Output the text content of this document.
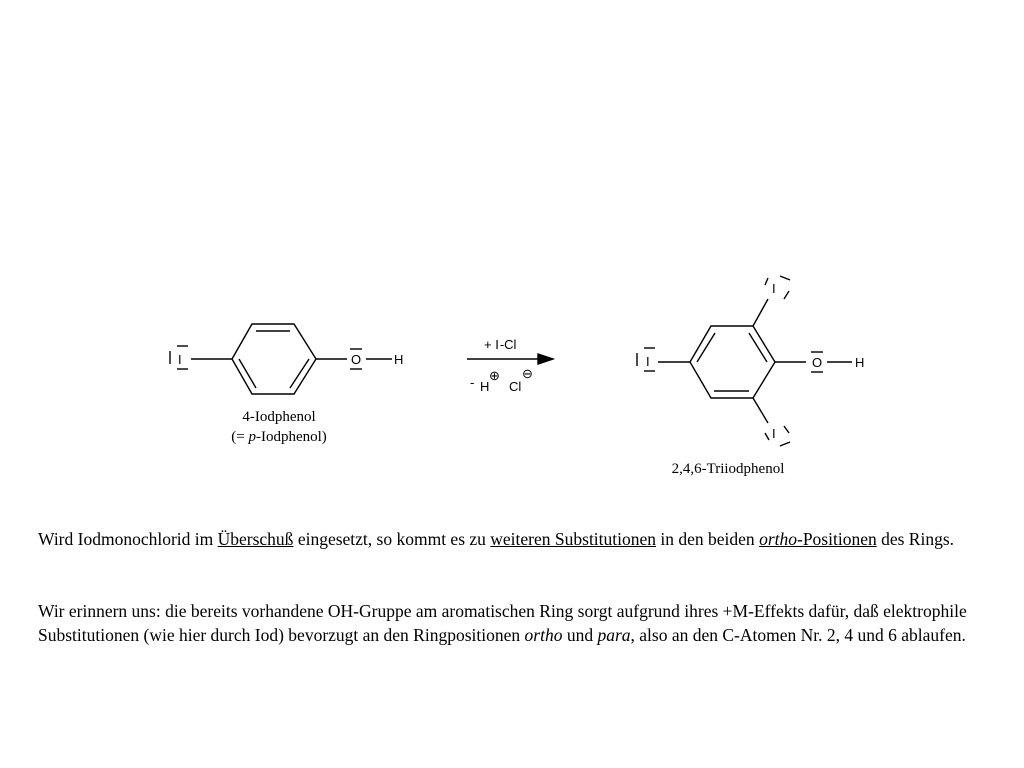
I	O	H
4-Iodphenol
(= p-Iodphenol)
+ I-Cl
- H
⊕
Cl
⊖
I	O	H
I
I
2,4,6-Triiodphenol

Wird Iodmonochlorid im Überschuß eingesetzt, so kommt es zu weiteren Substitutionen in den beiden ortho-Positionen des Rings.

Wir erinnern uns: die bereits vorhandene OH-Gruppe am aromatischen Ring sorgt aufgrund ihres +M-Effekts dafür, daß elektrophile Substitutionen (wie hier durch Iod) bevorzugt an den Ringpositionen ortho und para, also an den C-Atomen Nr. 2, 4 und 6 ablaufen.
